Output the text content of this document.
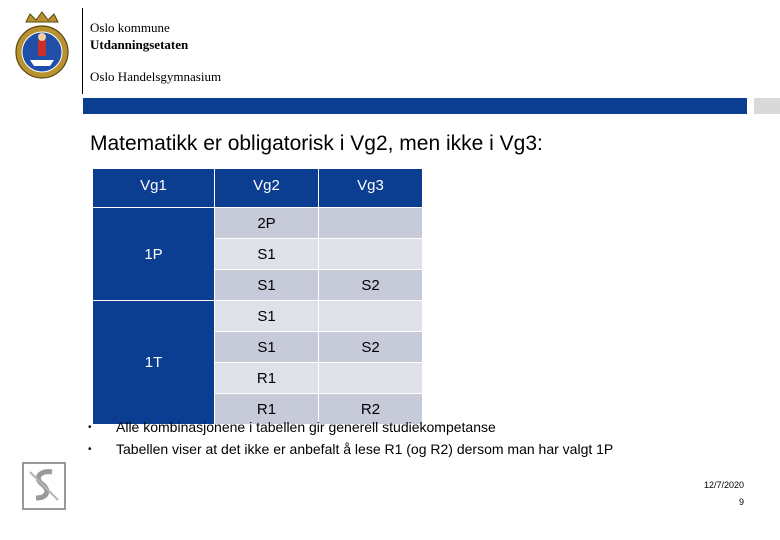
Oslo kommune
Utdanningsetaten
Oslo Handelsgymnasium
Matematikk er obligatorisk i Vg2, men ikke i Vg3:
Vg1	Vg2	Vg3
1P	2P	
	S1	
	S1	S2
1T	S1	
	S1	S2
	R1	
	R1	R2
•	Alle kombinasjonene i tabellen gir generell studiekompetanse
•	Tabellen viser at det ikke er anbefalt å lese R1 (og R2) dersom man har valgt 1P
12/7/2020
9
